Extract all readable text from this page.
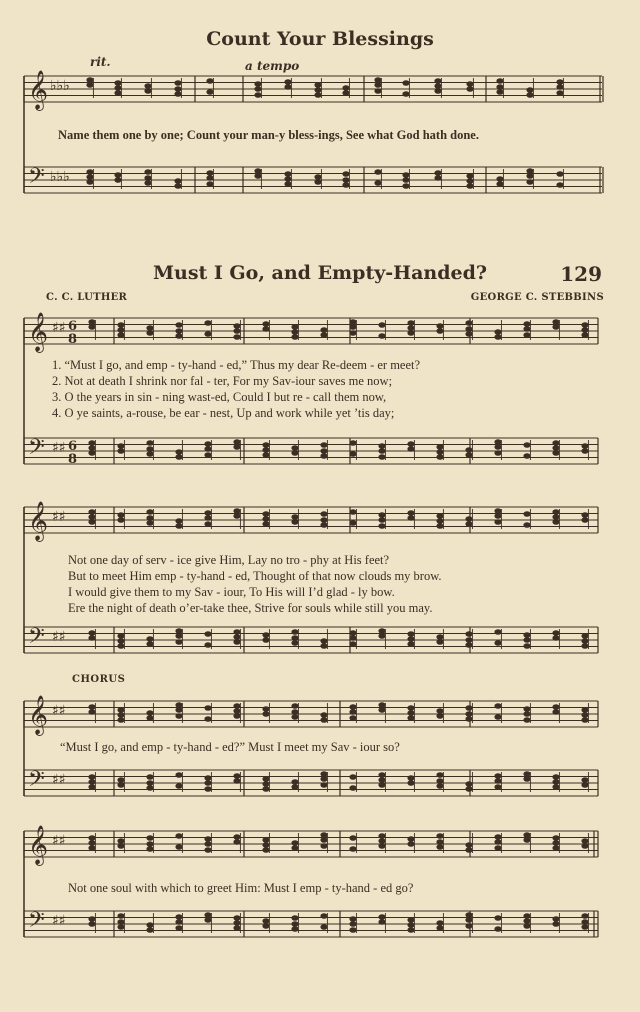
Count Your Blessings
rit.	a tempo
Name them one by one; Count your man-y bless-ings, See what God hath done.
Must I Go, and Empty-Handed?	129
C. C. LUTHER	GEORGE C. STEBBINS
1. “Must I go, and emp - ty-hand - ed,” Thus my dear Re-deem - er meet?
2. Not at death I shrink nor fal - ter, For my Sav-iour saves me now;
3. O the years in sin - ning wast-ed, Could I but re - call them now,
4. O ye saints, a-rouse, be ear - nest, Up and work while yet ’tis day;
Not one day of serv - ice give Him, Lay no tro - phy at His feet?
But to meet Him emp - ty-hand - ed, Thought of that now clouds my brow.
I would give them to my Sav - iour, To His will I’d glad - ly bow.
Ere the night of death o’er-take thee, Strive for souls while still you may.
CHORUS
“Must I go, and emp - ty-hand - ed?” Must I meet my Sav - iour so?
Not one soul with which to greet Him: Must I emp - ty-hand - ed go?
𝄞 ♭♭♭
𝄢 ♭♭♭
𝄞 ♯♯ 6
8
𝄢 ♯♯ 6
8
𝄞 ♯♯
𝄢 ♯♯
𝄞 ♯♯
𝄢 ♯♯
𝄞 ♯♯
𝄢 ♯♯
